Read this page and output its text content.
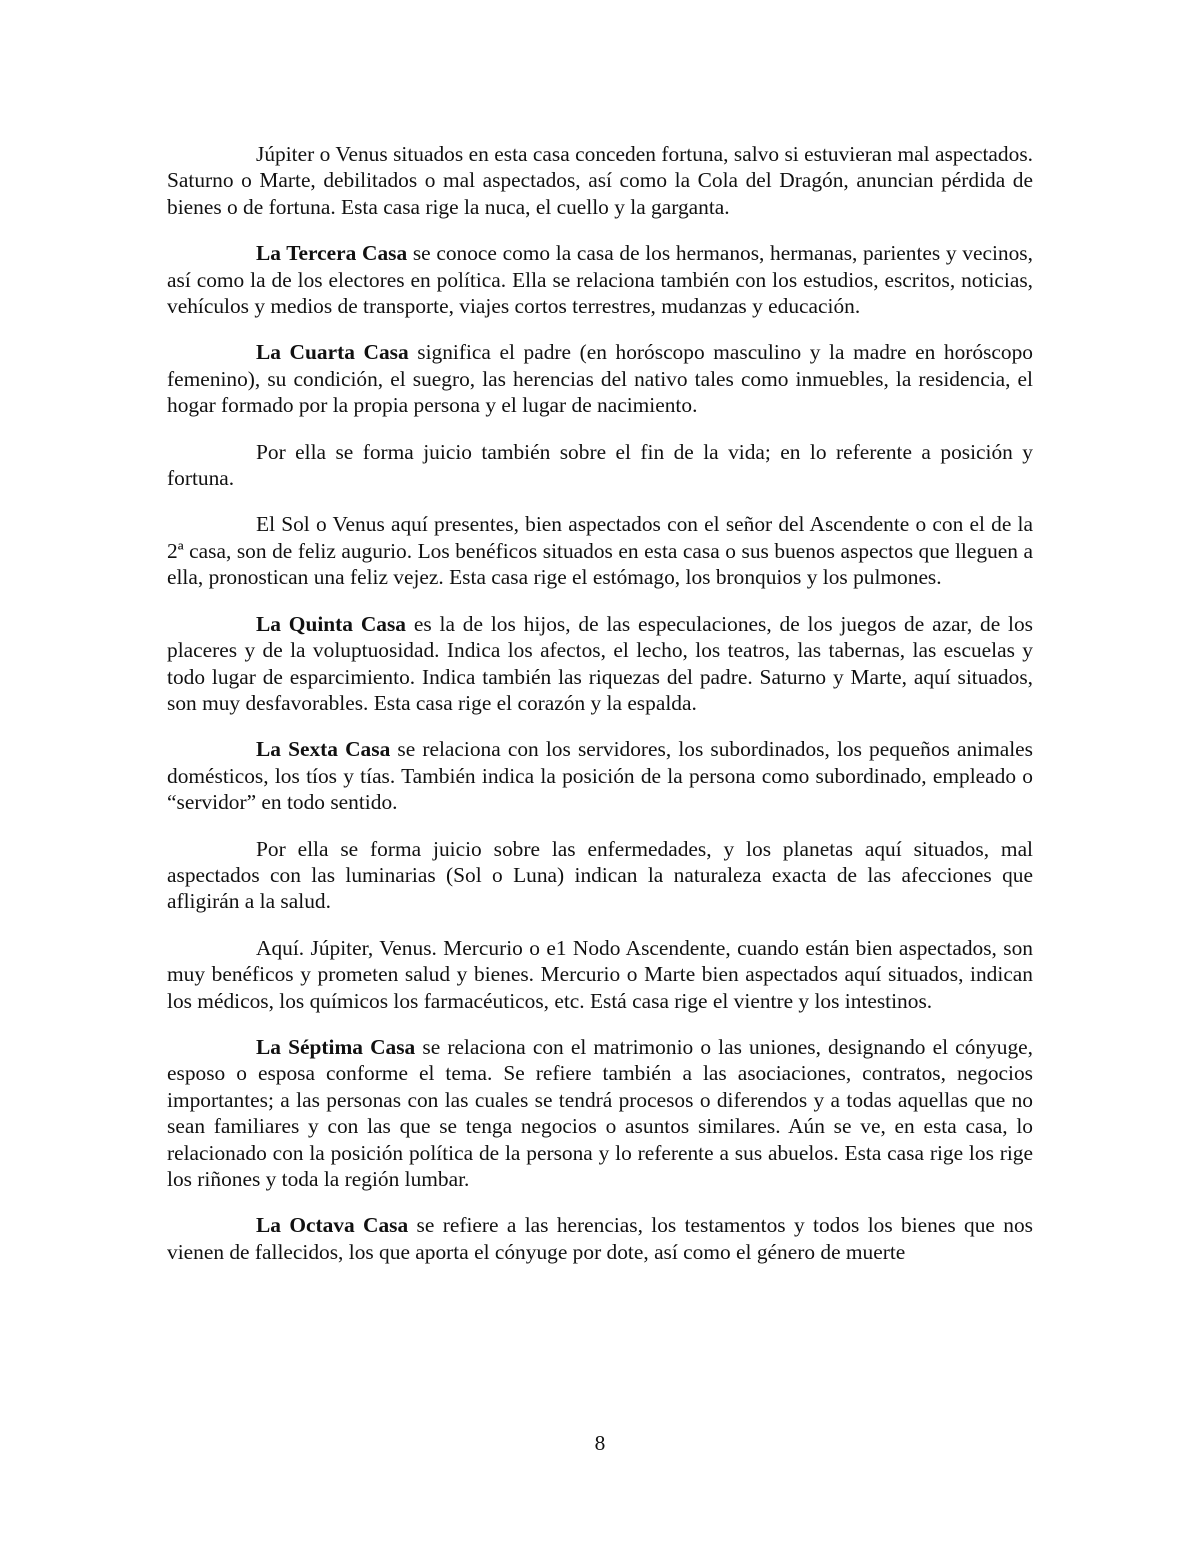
Júpiter o Venus situados en esta casa conceden fortuna, salvo si estuvieran mal aspectados. Saturno o Marte, debilitados o mal aspectados, así como la Cola del Dragón, anuncian pérdida de bienes o de fortuna. Esta casa rige la nuca, el cuello y la garganta.

La Tercera Casa se conoce como la casa de los hermanos, hermanas, parientes y vecinos, así como la de los electores en política. Ella se relaciona también con los estudios, escritos, noticias, vehículos y medios de transporte, viajes cortos terrestres, mudanzas y educación.

La Cuarta Casa significa el padre (en horóscopo masculino y la madre en horóscopo femenino), su condición, el suegro, las herencias del nativo tales como inmuebles, la residencia, el hogar formado por la propia persona y el lugar de nacimiento.

Por ella se forma juicio también sobre el fin de la vida; en lo referente a posición y fortuna.

El Sol o Venus aquí presentes, bien aspectados con el señor del Ascendente o con el de la 2ª casa, son de feliz augurio. Los benéficos situados en esta casa o sus buenos aspectos que lleguen a ella, pronostican una feliz vejez. Esta casa rige el estómago, los bronquios y los pulmones.

La Quinta Casa es la de los hijos, de las especulaciones, de los juegos de azar, de los placeres y de la voluptuosidad. Indica los afectos, el lecho, los teatros, las tabernas, las escuelas y todo lugar de esparcimiento. Indica también las riquezas del padre. Saturno y Marte, aquí situados, son muy desfavorables. Esta casa rige el corazón y la espalda.

La Sexta Casa se relaciona con los servidores, los subordinados, los pequeños animales domésticos, los tíos y tías. También indica la posición de la persona como subordinado, empleado o “servidor” en todo sentido.

Por ella se forma juicio sobre las enfermedades, y los planetas aquí situados, mal aspectados con las luminarias (Sol o Luna) indican la naturaleza exacta de las afecciones que afligirán a la salud.

Aquí. Júpiter, Venus. Mercurio o e1 Nodo Ascendente, cuando están bien aspectados, son muy benéficos y prometen salud y bienes. Mercurio o Marte bien aspectados aquí situados, indican los médicos, los químicos los farmacéuticos, etc. Está casa rige el vientre y los intestinos.

La Séptima Casa se relaciona con el matrimonio o las uniones, designando el cónyuge, esposo o esposa conforme el tema. Se refiere también a las asociaciones, contratos, negocios importantes; a las personas con las cuales se tendrá procesos o diferendos y a todas aquellas que no sean familiares y con las que se tenga negocios o asuntos similares. Aún se ve, en esta casa, lo relacionado con la posición política de la persona y lo referente a sus abuelos. Esta casa rige los rige los riñones y toda la región lumbar.

La Octava Casa se refiere a las herencias, los testamentos y todos los bienes que nos vienen de fallecidos, los que aporta el cónyuge por dote, así como el género de muerte

8
